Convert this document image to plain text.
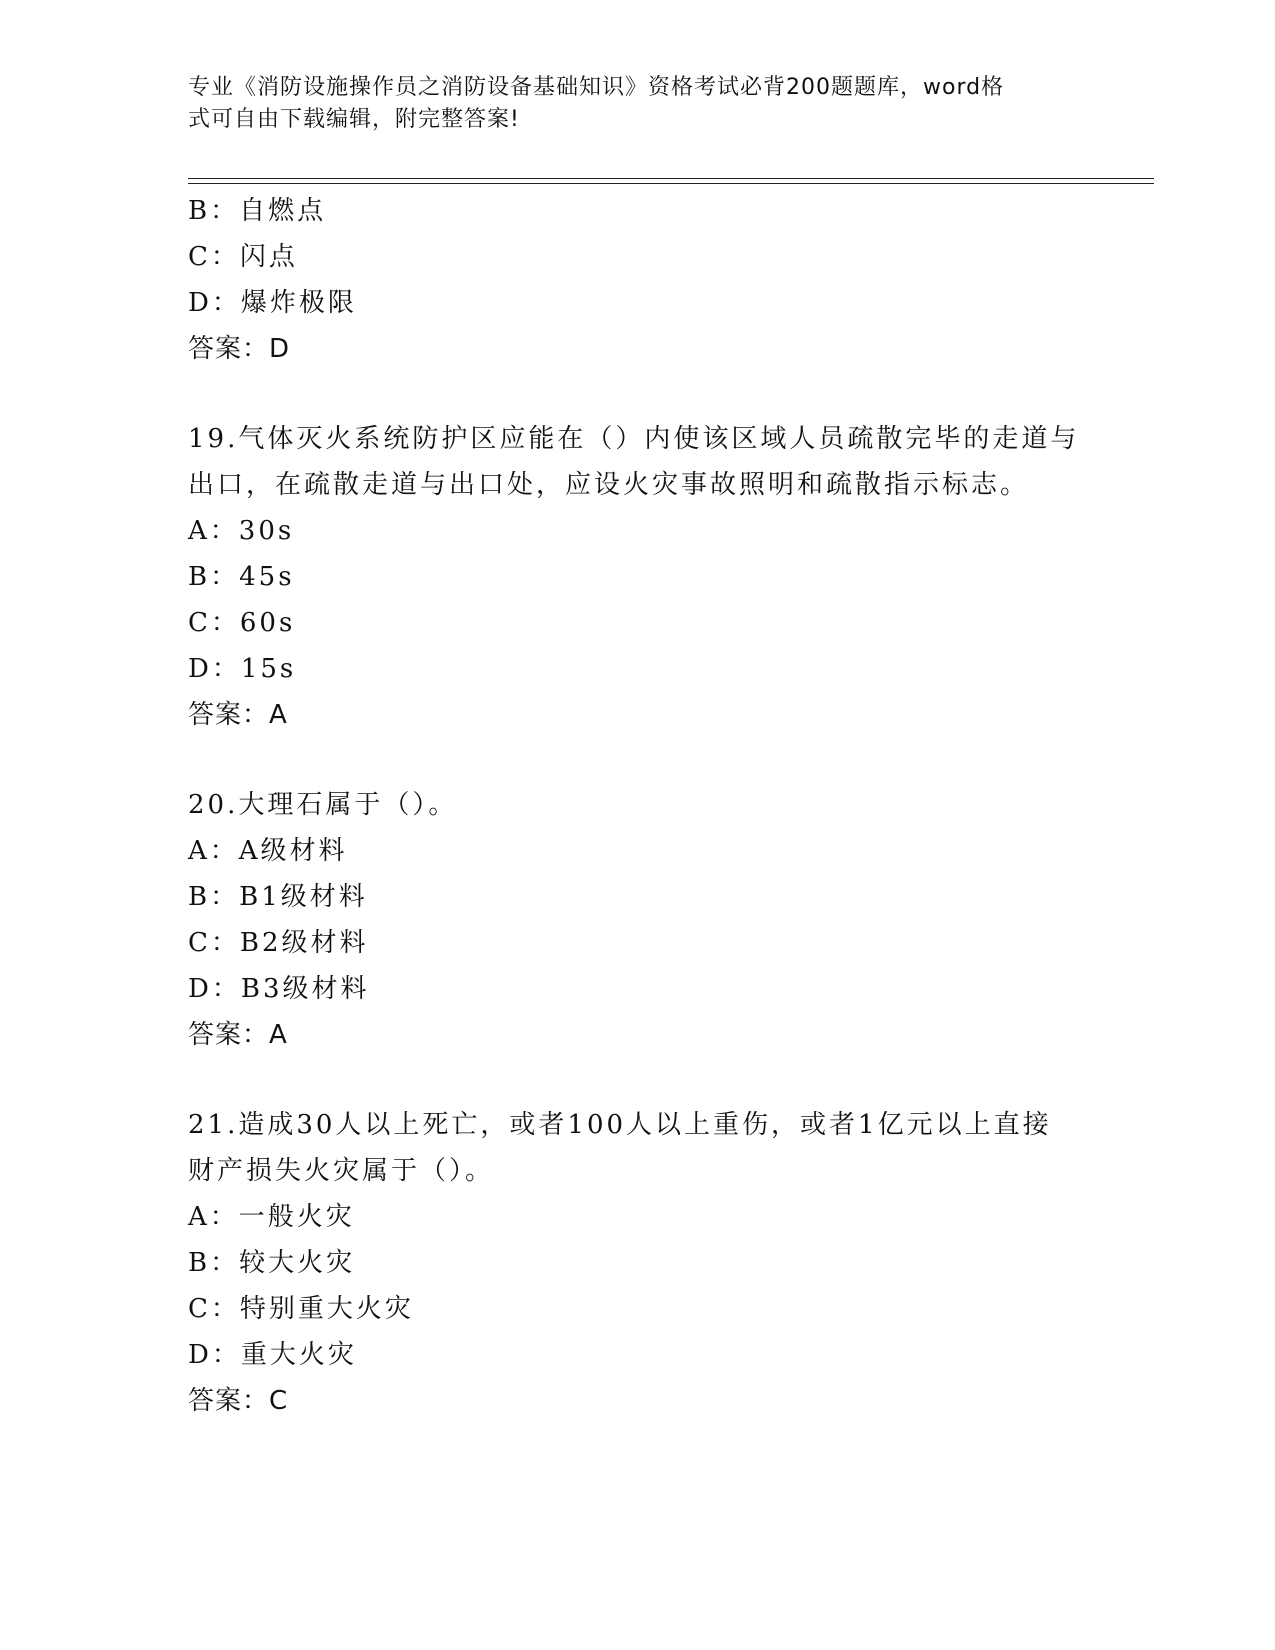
专业《消防设施操作员之消防设备基础知识》资格考试必背200题题库，word格
式可自由下载编辑，附完整答案!
B：自燃点
C：闪点
D：爆炸极限
答案：D
19.气体灭火系统防护区应能在（）内使该区域人员疏散完毕的走道与
出口，在疏散走道与出口处，应设火灾事故照明和疏散指示标志。
A：30s
B：45s
C：60s
D：15s
答案：A
20.大理石属于（）。
A：A级材料
B：B1级材料
C：B2级材料
D：B3级材料
答案：A
21.造成30人以上死亡，或者100人以上重伤，或者1亿元以上直接
财产损失火灾属于（）。
A：一般火灾
B：较大火灾
C：特别重大火灾
D：重大火灾
答案：C
